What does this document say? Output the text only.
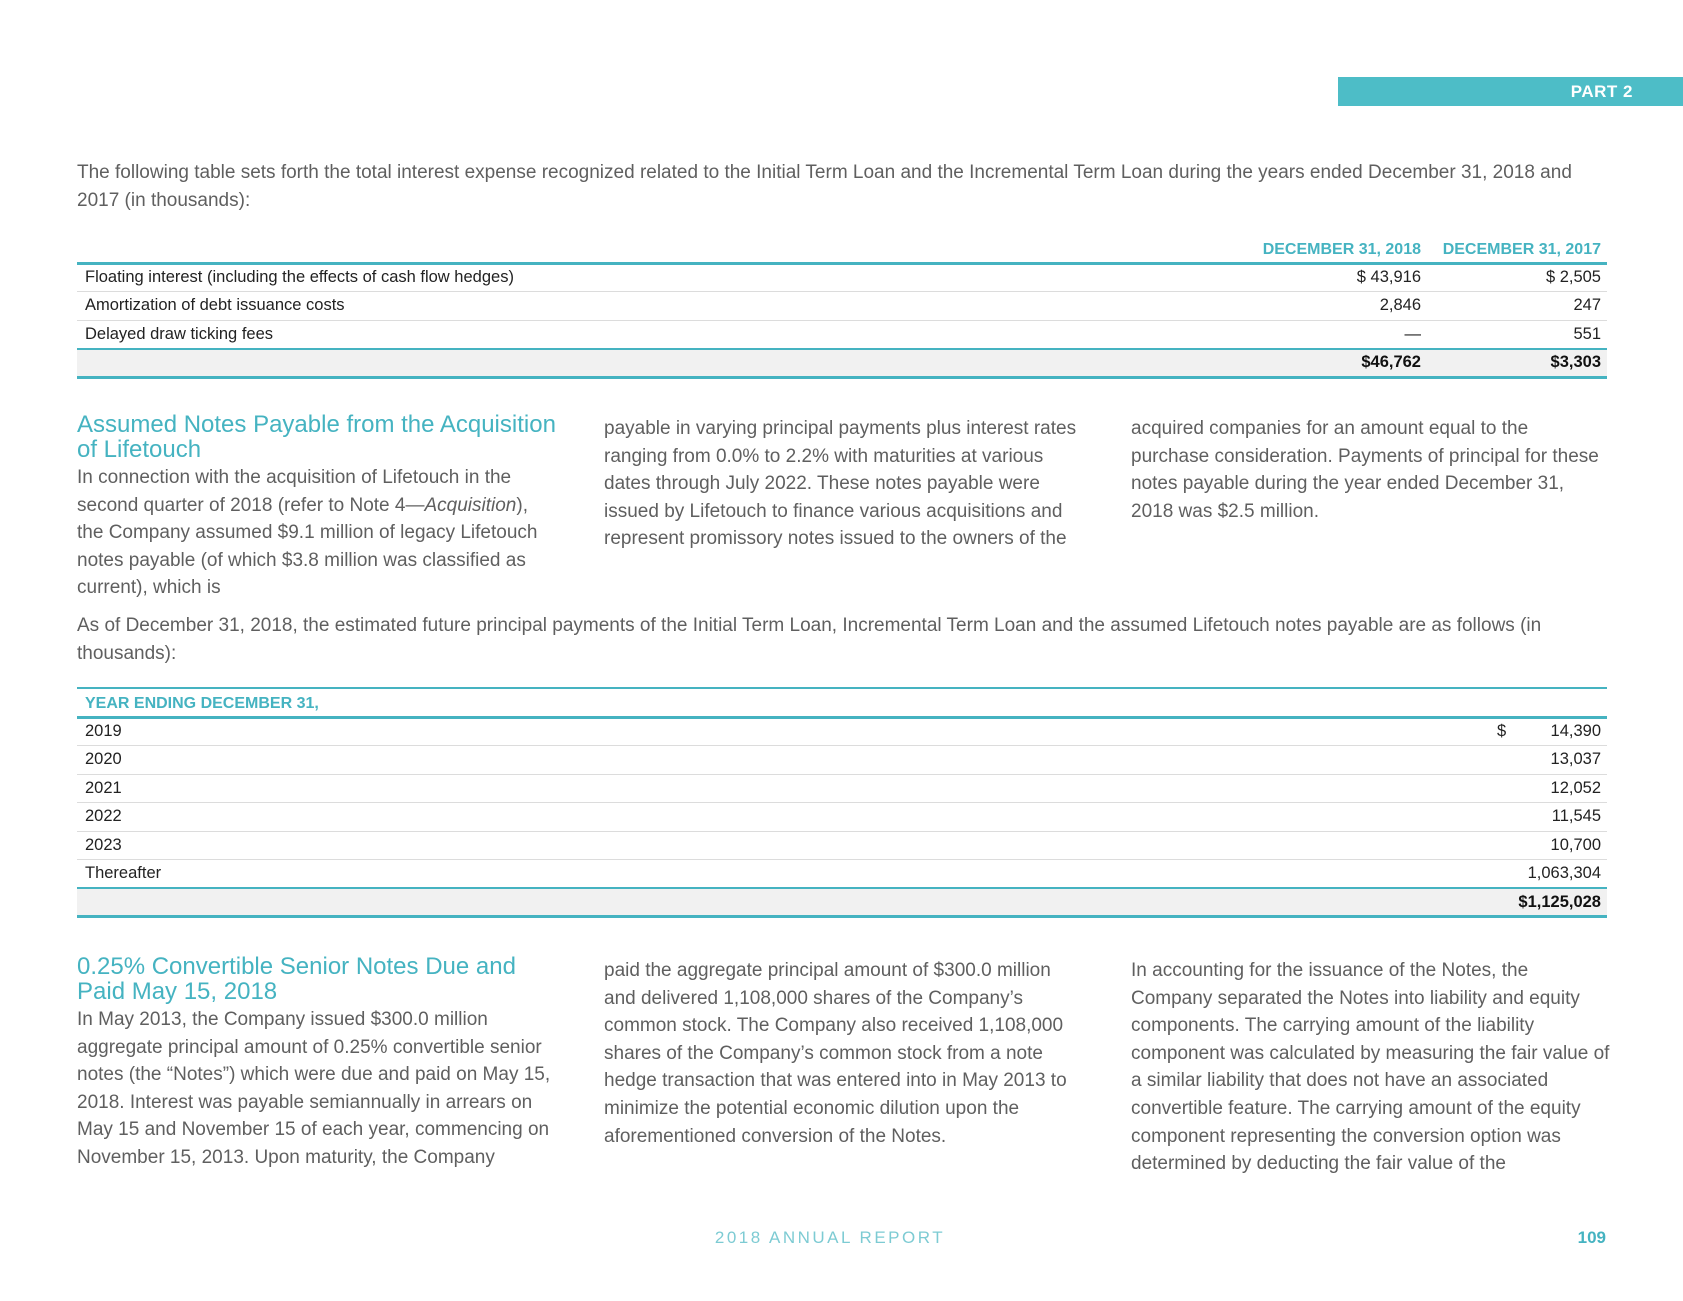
PART 2
The following table sets forth the total interest expense recognized related to the Initial Term Loan and the Incremental Term Loan during the years ended December 31, 2018 and 2017 (in thousands):
	DECEMBER 31, 2018	DECEMBER 31, 2017
Floating interest (including the effects of cash flow hedges)	$ 43,916	$ 2,505
Amortization of debt issuance costs	2,846	247
Delayed draw ticking fees	—	551
	$46,762	$3,303
Assumed Notes Payable from the Acquisition of Lifetouch

In connection with the acquisition of Lifetouch in the second quarter of 2018 (refer to Note 4—Acquisition), the Company assumed $9.1 million of legacy Lifetouch notes payable (of which $3.8 million was classified as current), which is

payable in varying principal payments plus interest rates ranging from 0.0% to 2.2% with maturities at various dates through July 2022. These notes payable were issued by Lifetouch to finance various acquisitions and represent promissory notes issued to the owners of the

acquired companies for an amount equal to the purchase consideration. Payments of principal for these notes payable during the year ended December 31, 2018 was $2.5 million.

As of December 31, 2018, the estimated future principal payments of the Initial Term Loan, Incremental Term Loan and the assumed Lifetouch notes payable are as follows (in thousands):
YEAR ENDING DECEMBER 31,		
2019	$	14,390
2020		13,037
2021		12,052
2022		11,545
2023		10,700
Thereafter		1,063,304
	$1,125,028	
0.25% Convertible Senior Notes Due and Paid May 15, 2018

In May 2013, the Company issued $300.0 million aggregate principal amount of 0.25% convertible senior notes (the “Notes”) which were due and paid on May 15, 2018. Interest was payable semiannually in arrears on May 15 and November 15 of each year, commencing on November 15, 2013. Upon maturity, the Company

paid the aggregate principal amount of $300.0 million and delivered 1,108,000 shares of the Company’s common stock. The Company also received 1,108,000 shares of the Company’s common stock from a note hedge transaction that was entered into in May 2013 to minimize the potential economic dilution upon the aforementioned conversion of the Notes.

In accounting for the issuance of the Notes, the Company separated the Notes into liability and equity components. The carrying amount of the liability component was calculated by measuring the fair value of a similar liability that does not have an associated convertible feature. The carrying amount of the equity component representing the conversion option was determined by deducting the fair value of the

2018 ANNUAL REPORT	109
